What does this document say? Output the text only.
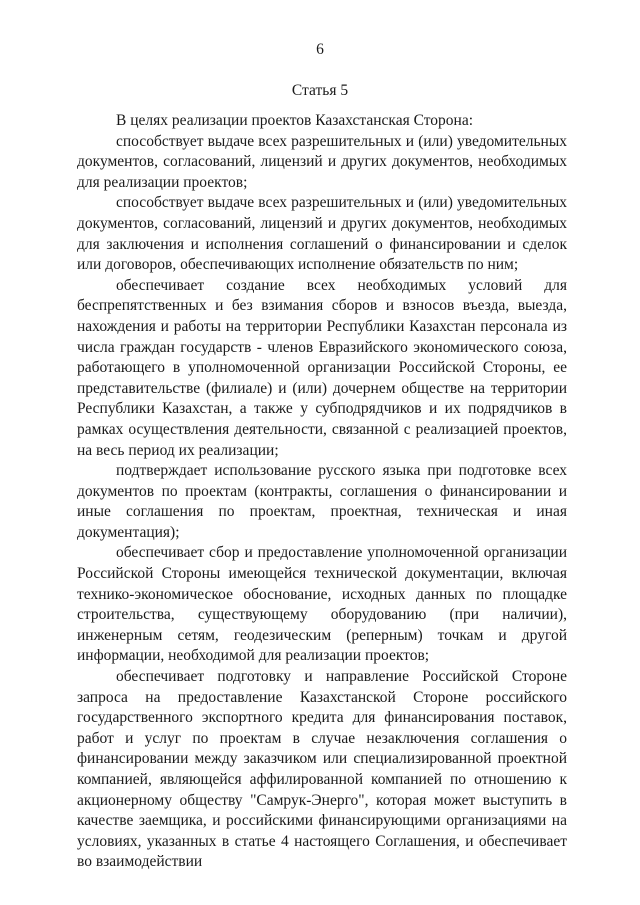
6
Статья 5

В целях реализации проектов Казахстанская Сторона:

способствует выдаче всех разрешительных и (или) уведомительных документов, согласований, лицензий и других документов, необходимых для реализации проектов;

способствует выдаче всех разрешительных и (или) уведомительных документов, согласований, лицензий и других документов, необходимых для заключения и исполнения соглашений о финансировании и сделок или договоров, обеспечивающих исполнение обязательств по ним;

обеспечивает создание всех необходимых условий для беспрепятственных и без взимания сборов и взносов въезда, выезда, нахождения и работы на территории Республики Казахстан персонала из числа граждан государств - членов Евразийского экономического союза, работающего в уполномоченной организации Российской Стороны, ее представительстве (филиале) и (или) дочернем обществе на территории Республики Казахстан, а также у субподрядчиков и их подрядчиков в рамках осуществления деятельности, связанной с реализацией проектов, на весь период их реализации;

подтверждает использование русского языка при подготовке всех документов по проектам (контракты, соглашения о финансировании и иные соглашения по проектам, проектная, техническая и иная документация);

обеспечивает сбор и предоставление уполномоченной организации Российской Стороны имеющейся технической документации, включая технико-экономическое обоснование, исходных данных по площадке строительства, существующему оборудованию (при наличии), инженерным сетям, геодезическим (реперным) точкам и другой информации, необходимой для реализации проектов;

обеспечивает подготовку и направление Российской Стороне запроса на предоставление Казахстанской Стороне российского государственного экспортного кредита для финансирования поставок, работ и услуг по проектам в случае незаключения соглашения о финансировании между заказчиком или специализированной проектной компанией, являющейся аффилированной компанией по отношению к акционерному обществу "Самрук-Энерго", которая может выступить в качестве заемщика, и российскими финансирующими организациями на условиях, указанных в статье 4 настоящего Соглашения, и обеспечивает во взаимодействии
